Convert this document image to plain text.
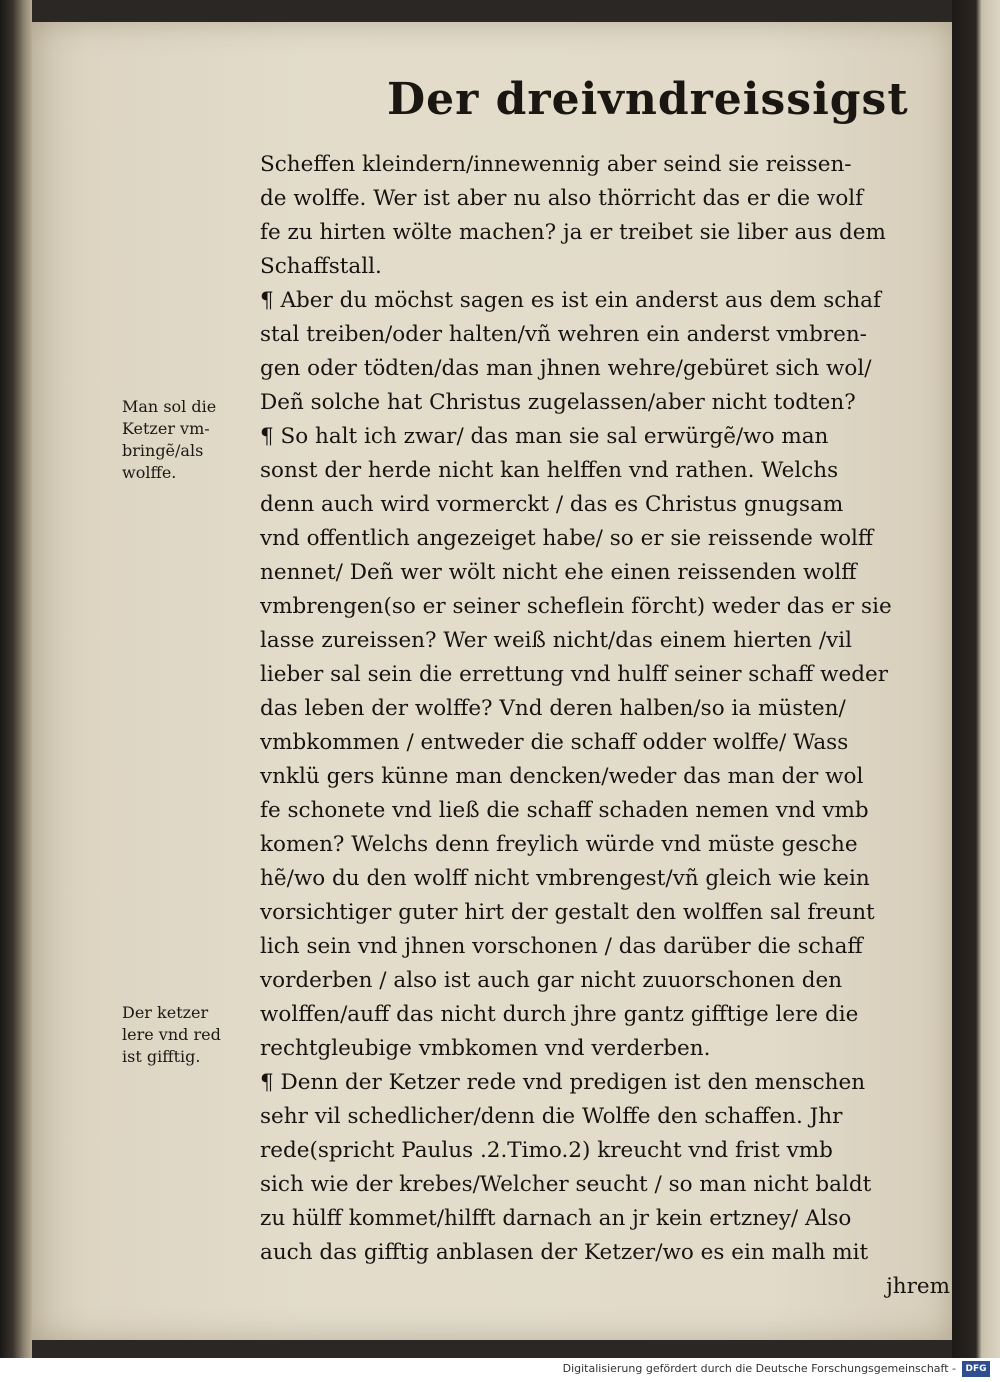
Der dreivndreissigst
Scheffen kleindern/innewennig aber seind sie reissen-
de wolffe. Wer ist aber nu also thörricht das er die wolf
fe zu hirten wölte machen? ja er treibet sie liber aus dem
Schaffstall.
¶ Aber du möchst sagen es ist ein anderst aus dem schaf
stal treiben/oder halten/vñ wehren ein anderst vmbren-
gen oder tödten/das man jhnen wehre/gebüret sich wol/
Deñ solche hat Christus zugelassen/aber nicht todten?
¶ So halt ich zwar/ das man sie sal erwürgẽ/wo man
sonst der herde nicht kan helffen vnd rathen. Welchs
denn auch wird vormerckt / das es Christus gnugsam
vnd offentlich angezeiget habe/ so er sie reissende wolff
nennet/ Deñ wer wölt nicht ehe einen reissenden wolff
vmbrengen(so er seiner scheflein förcht) weder das er sie
lasse zureissen? Wer weiß nicht/das einem hierten /vil
lieber sal sein die errettung vnd hulff seiner schaff weder
das leben der wolffe? Vnd deren halben/so ia müsten/
vmbkommen / entweder die schaff odder wolffe/ Wass
vnklü gers künne man dencken/weder das man der wol
fe schonete vnd ließ die schaff schaden nemen vnd vmb
komen? Welchs denn freylich würde vnd müste gesche
hẽ/wo du den wolff nicht vmbrengest/vñ gleich wie kein
vorsichtiger guter hirt der gestalt den wolffen sal freunt
lich sein vnd jhnen vorschonen / das darüber die schaff
vorderben / also ist auch gar nicht zuuorschonen den
wolffen/auff das nicht durch jhre gantz gifftige lere die
rechtgleubige vmbkomen vnd verderben.
¶ Denn der Ketzer rede vnd predigen ist den menschen
sehr vil schedlicher/denn die Wolffe den schaffen. Jhr
rede(spricht Paulus .2.Timo.2) kreucht vnd frist vmb
sich wie der krebes/Welcher seucht / so man nicht baldt
zu hülff kommet/hilfft darnach an jr kein ertzney/ Also
auch das gifftig anblasen der Ketzer/wo es ein malh mit
jhrem
Man sol die
Ketzer vm-
bringẽ/als
wolffe.
Der ketzer
lere vnd red
ist gifftig.
Digitalisierung gefördert durch die Deutsche Forschungsgemeinschaft -	DFG
